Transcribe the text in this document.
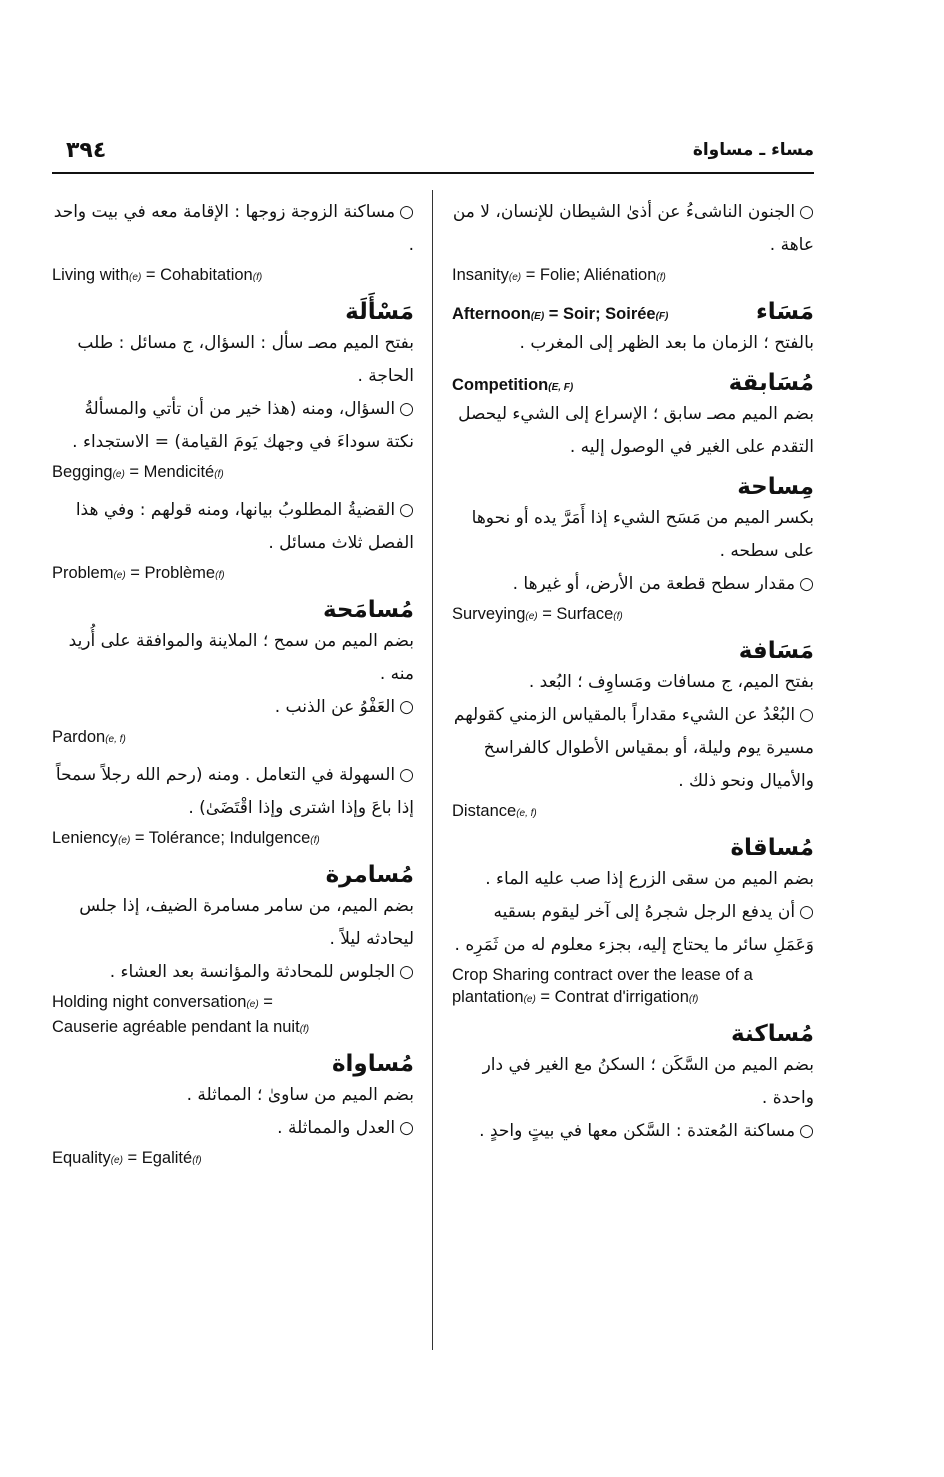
٣٩٤	مساء ـ مساواة

○الجنون الناشىءُ عن أذىٰ الشيطان للإنسان، لا من عاهة .

Insanity(e) = Folie; Aliénation(f)
مَسَاء
Afternoon(E) = Soir; Soirée(F)

بالفتح ؛ الزمان ما بعد الظهر إلى المغرب .

مُسَابقة
Competition(E, F)

بضم الميم مصـ سابق ؛ الإسراع إلى الشيء ليحصل التقدم على الغير في الوصول إليه .

مِساحة

بكسر الميم من مَسَح الشيء إذا أَمَرَّ يده أو نحوها على سطحه .

○مقدار سطح قطعة من الأرض، أو غيرها .

Surveying(e) = Surface(f)
مَسَافة

بفتح الميم، ج مسافات ومَساوِف ؛ البُعد .

○البُعْدُ عن الشيء مقداراً بالمقياس الزمني كقولهم مسيرة يوم وليلة، أو بمقياس الأطوال كالفراسخ والأميال ونحو ذلك .

Distance(e, f)
مُساقاة

بضم الميم من سقى الزرع إذا صب عليه الماء .

○أن يدفع الرجل شجرهُ إلى آخر ليقوم بسقيه وَعَمَلِ سائر ما يحتاج إليه، بجزء معلوم له من ثَمَرِه .

Crop Sharing contract over the lease of a plantation(e) = Contrat d'irrigation(f)
مُساكنة

بضم الميم من السَّكَن ؛ السكنُ مع الغير في دار واحدة .

○مساكنة المُعتدة : السَّكن معها في بيتٍ واحدٍ .

○مساكنة الزوجة زوجها : الإقامة معه في بيت واحد .

Living with(e) = Cohabitation(f)
مَسْأَلَة

بفتح الميم مصـ سأل : السؤال، ج مسائل : طلب الحاجة .

○السؤال، ومنه (هذا خير من أن تأتي والمسألةُ نكتة سوداءَ في وجهك يَومَ القيامة) = الاستجداء .

Begging(e) = Mendicité(f)

○القضيةُ المطلوبُ بيانها، ومنه قولهم : وفي هذا الفصل ثلاث مسائل .

Problem(e) = Problème(f)
مُسامَحة

بضم الميم من سمح ؛ الملاينة والموافقة على أُريد منه .

○العَفْوُ عن الذنب .

Pardon(e, f)

○السهولة في التعامل . ومنه (رحم الله رجلاً سمحاً إذا باعَ وإذا اشترى وإذا اقْتَضَىٰ) .

Leniency(e) = Tolérance; Indulgence(f)
مُسامرة

بضم الميم، من سامر مسامرة الضيف، إذا جلس ليحادثه ليلاً .

○الجلوس للمحادثة والمؤانسة بعد العشاء .

Holding night conversation(e) =
Causerie agréable pendant la nuit(f)
مُساواة

بضم الميم من ساوىٰ ؛ المماثلة .

○العدل والمماثلة .

Equality(e) = Egalité(f)
